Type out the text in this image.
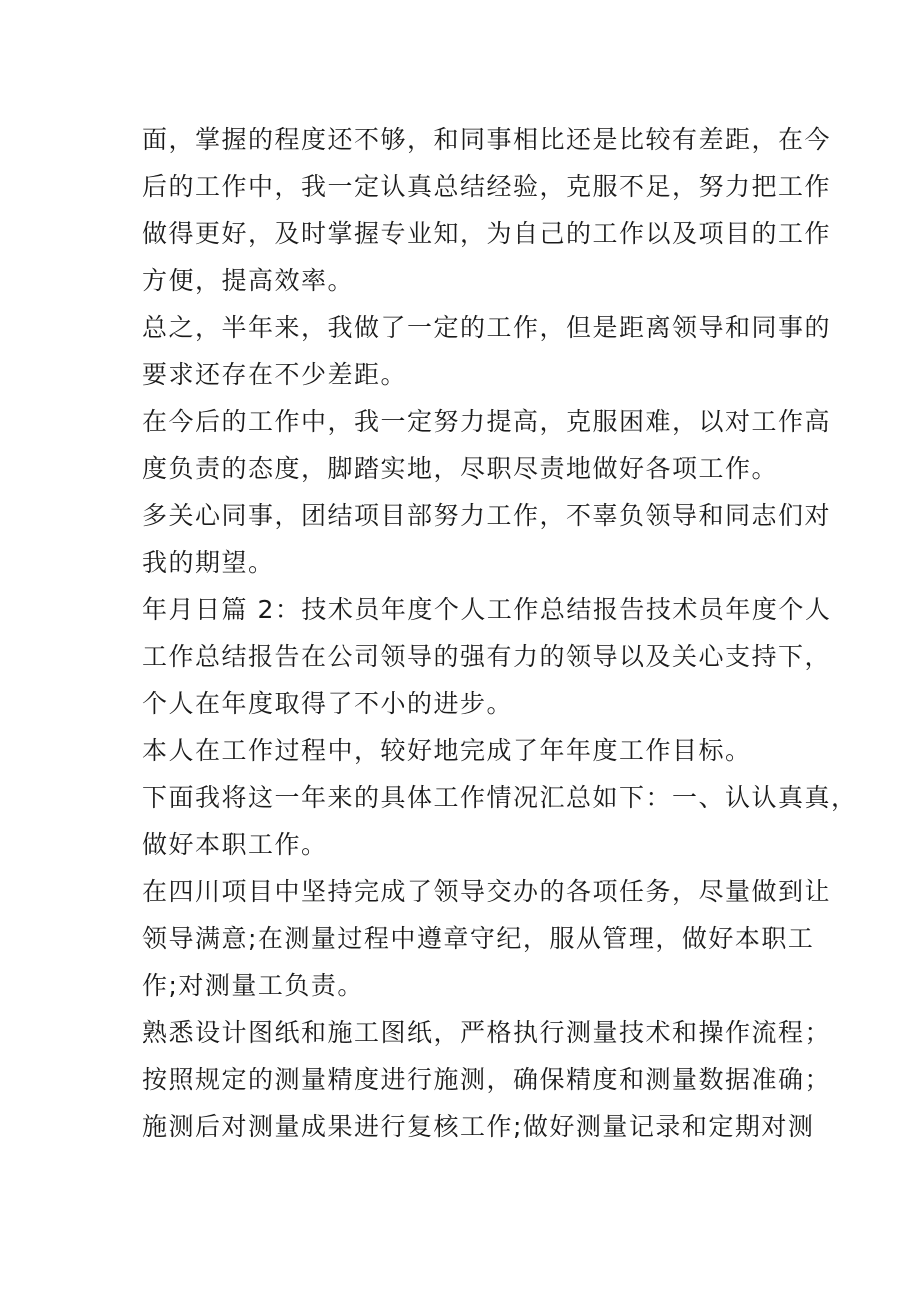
面，掌握的程度还不够，和同事相比还是比较有差距，在今
后的工作中，我一定认真总结经验，克服不足，努力把工作
做得更好，及时掌握专业知，为自己的工作以及项目的工作
方便，提高效率。
总之，半年来，我做了一定的工作，但是距离领导和同事的
要求还存在不少差距。
在今后的工作中，我一定努力提高，克服困难，以对工作高
度负责的态度，脚踏实地，尽职尽责地做好各项工作。
多关心同事，团结项目部努力工作，不辜负领导和同志们对
我的期望。
年月日篇 2：技术员年度个人工作总结报告技术员年度个人
工作总结报告在公司领导的强有力的领导以及关心支持下，
个人在年度取得了不小的进步。
本人在工作过程中，较好地完成了年年度工作目标。
下面我将这一年来的具体工作情况汇总如下：一、认认真真，
做好本职工作。
在四川项目中坚持完成了领导交办的各项任务，尽量做到让
领导满意;在测量过程中遵章守纪，服从管理，做好本职工
作;对测量工负责。
熟悉设计图纸和施工图纸，严格执行测量技术和操作流程；
按照规定的测量精度进行施测，确保精度和测量数据准确；
施测后对测量成果进行复核工作;做好测量记录和定期对测
